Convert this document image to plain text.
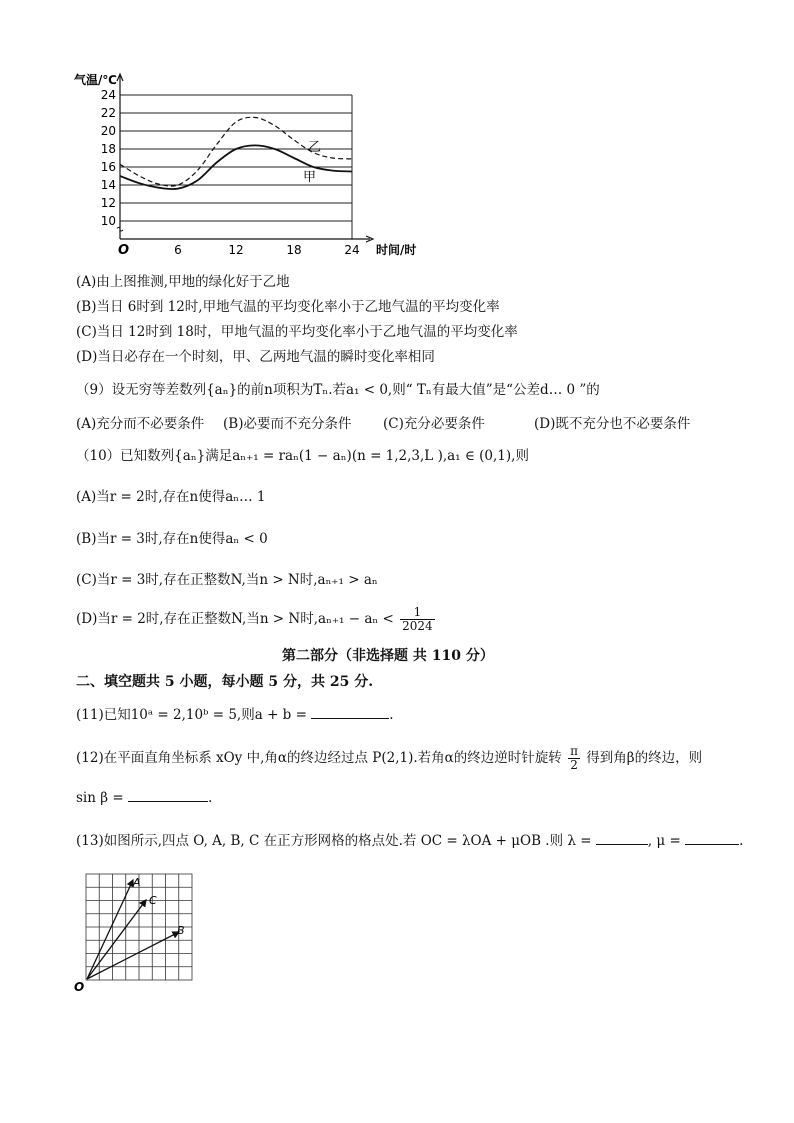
10
12
14
16
18
20
22
24
6	12	18	24
气温/℃
时间/时
O
乙
甲
(A)由上图推测,甲地的绿化好于乙地
(B)当日 6时到 12时,甲地气温的平均变化率小于乙地气温的平均变化率
(C)当日 12时到 18时，甲地气温的平均变化率小于乙地气温的平均变化率
(D)当日必存在一个时刻，甲、乙两地气温的瞬时变化率相同
（9）设无穷等差数列{aₙ}的前n项积为Tₙ.若a₁ < 0,则“ Tₙ有最大值”是“公差d… 0 ”的
(A)充分而不必要条件 (B)必要而不充分条件 (C)充分必要条件	(D)既不充分也不必要条件
（10）已知数列{aₙ}满足aₙ₊₁ = raₙ(1 − aₙ)(n = 1,2,3,L ),a₁ ∈ (0,1),则
(A)当r = 2时,存在n使得aₙ… 1
(B)当r = 3时,存在n使得aₙ < 0
(C)当r = 3时,存在正整数N,当n > N时,aₙ₊₁ > aₙ
(D)当r = 2时,存在正整数N,当n > N时$,a_{n+1} - a_n < \frac{1}{2024}$
第二部分（非选择题 共 110 分）
二、填空题共 5 小题，每小题 5 分，共 25 分.
(11)已知10ᵃ = 2,10ᵇ = 5,则a + b =	.
(12)在平面直角坐标系 xOy 中,角α的终边经过点 P(2,1).若角α的终边逆时针旋转 $\frac{\pi}{2}$ 得到角β的终边，则
sin β =	.
(13)如图所示,四点 O, A, B, C 在正方形网格的格点处.若 OC = λOA + μOB .则 λ =	, μ =	.
A
C
B
O
